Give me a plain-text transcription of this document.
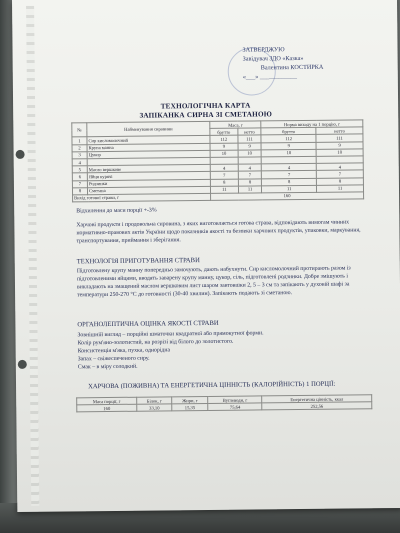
ЗАТВЕРДЖУЮ
Завідувач ЗДО «Казка»
Валентина КОСТИРКА
«___» ____________
ТЕХНОЛОГІЧНА КАРТА
ЗАПІКАНКА СИРНА ЗІ СМЕТАНОЮ
№	Найменування сировини	Маса, г		Норма виходу на 1 порцію, г	
		брутто	нетто	брутто	нетто
1	Сир кисломолочний	112	111	112	111
2	Крупа манна	9	9	9	9
3	Цукор	10	10	10	10
4					
5	Масло вершкове	4	4	4	4
6	Яйця курячі	7	7	7	7
7	Родзинки	8	8	8	8
8	Сметана	11	11	11	11
Вихід готової страви, г		160			
Відхилення до маси порції +-3%
Харчові продукти і продовольча сировина, з яких виготовляється готова страва, відповідають вимогам чинних нормативно-правових актів України щодо показників якості та безпеки харчових продуктів, упаковки, маркування, транспортування, приймання і зберігання.
ТЕХНОЛОГІЯ ПРИГОТУВАННЯ СТРАВИ
Підготовлену крупу манну попередньо замочують, дають набухнути. Сир кисломолочний протирають разом із підготовленими яйцями, вводять заварену крупу манну, цукор, сіль, підготовлені родзинки. Добре змішують і викладають на змащений маслом вершковим лист шаром завтовшки 2, 5 – 3 см та запікають у духовій шафі за температури 250-270 °С до готовності (30-40 хвилин). Запікають подають зі сметаною.
ОРГАНОЛЕПТИЧНА ОЦІНКА ЯКОСТІ СТРАВИ
Зовнішній вигляд – порційні шматочки квадратної або прямокутної форми.
Колір рум'яно-золотистий, на розрізі від білого до золотистого.
Консистенція м'яка, пухка, однорідна
Запах – свіжеспеченого сиру.
Смак – в міру солодкий.
ХАРЧОВА (ПОЖИВНА) ТА ЕНЕРГЕТИЧНА ЦІННІСТЬ (КАЛОРІЙНІСТЬ) 1 ПОРЦІЇ:
Маса порції, г	Білок, г	Жири, г	Вуглеводи, г	Енергетична цінність, ккал
160	33,10	15,35	75,64	252,56
